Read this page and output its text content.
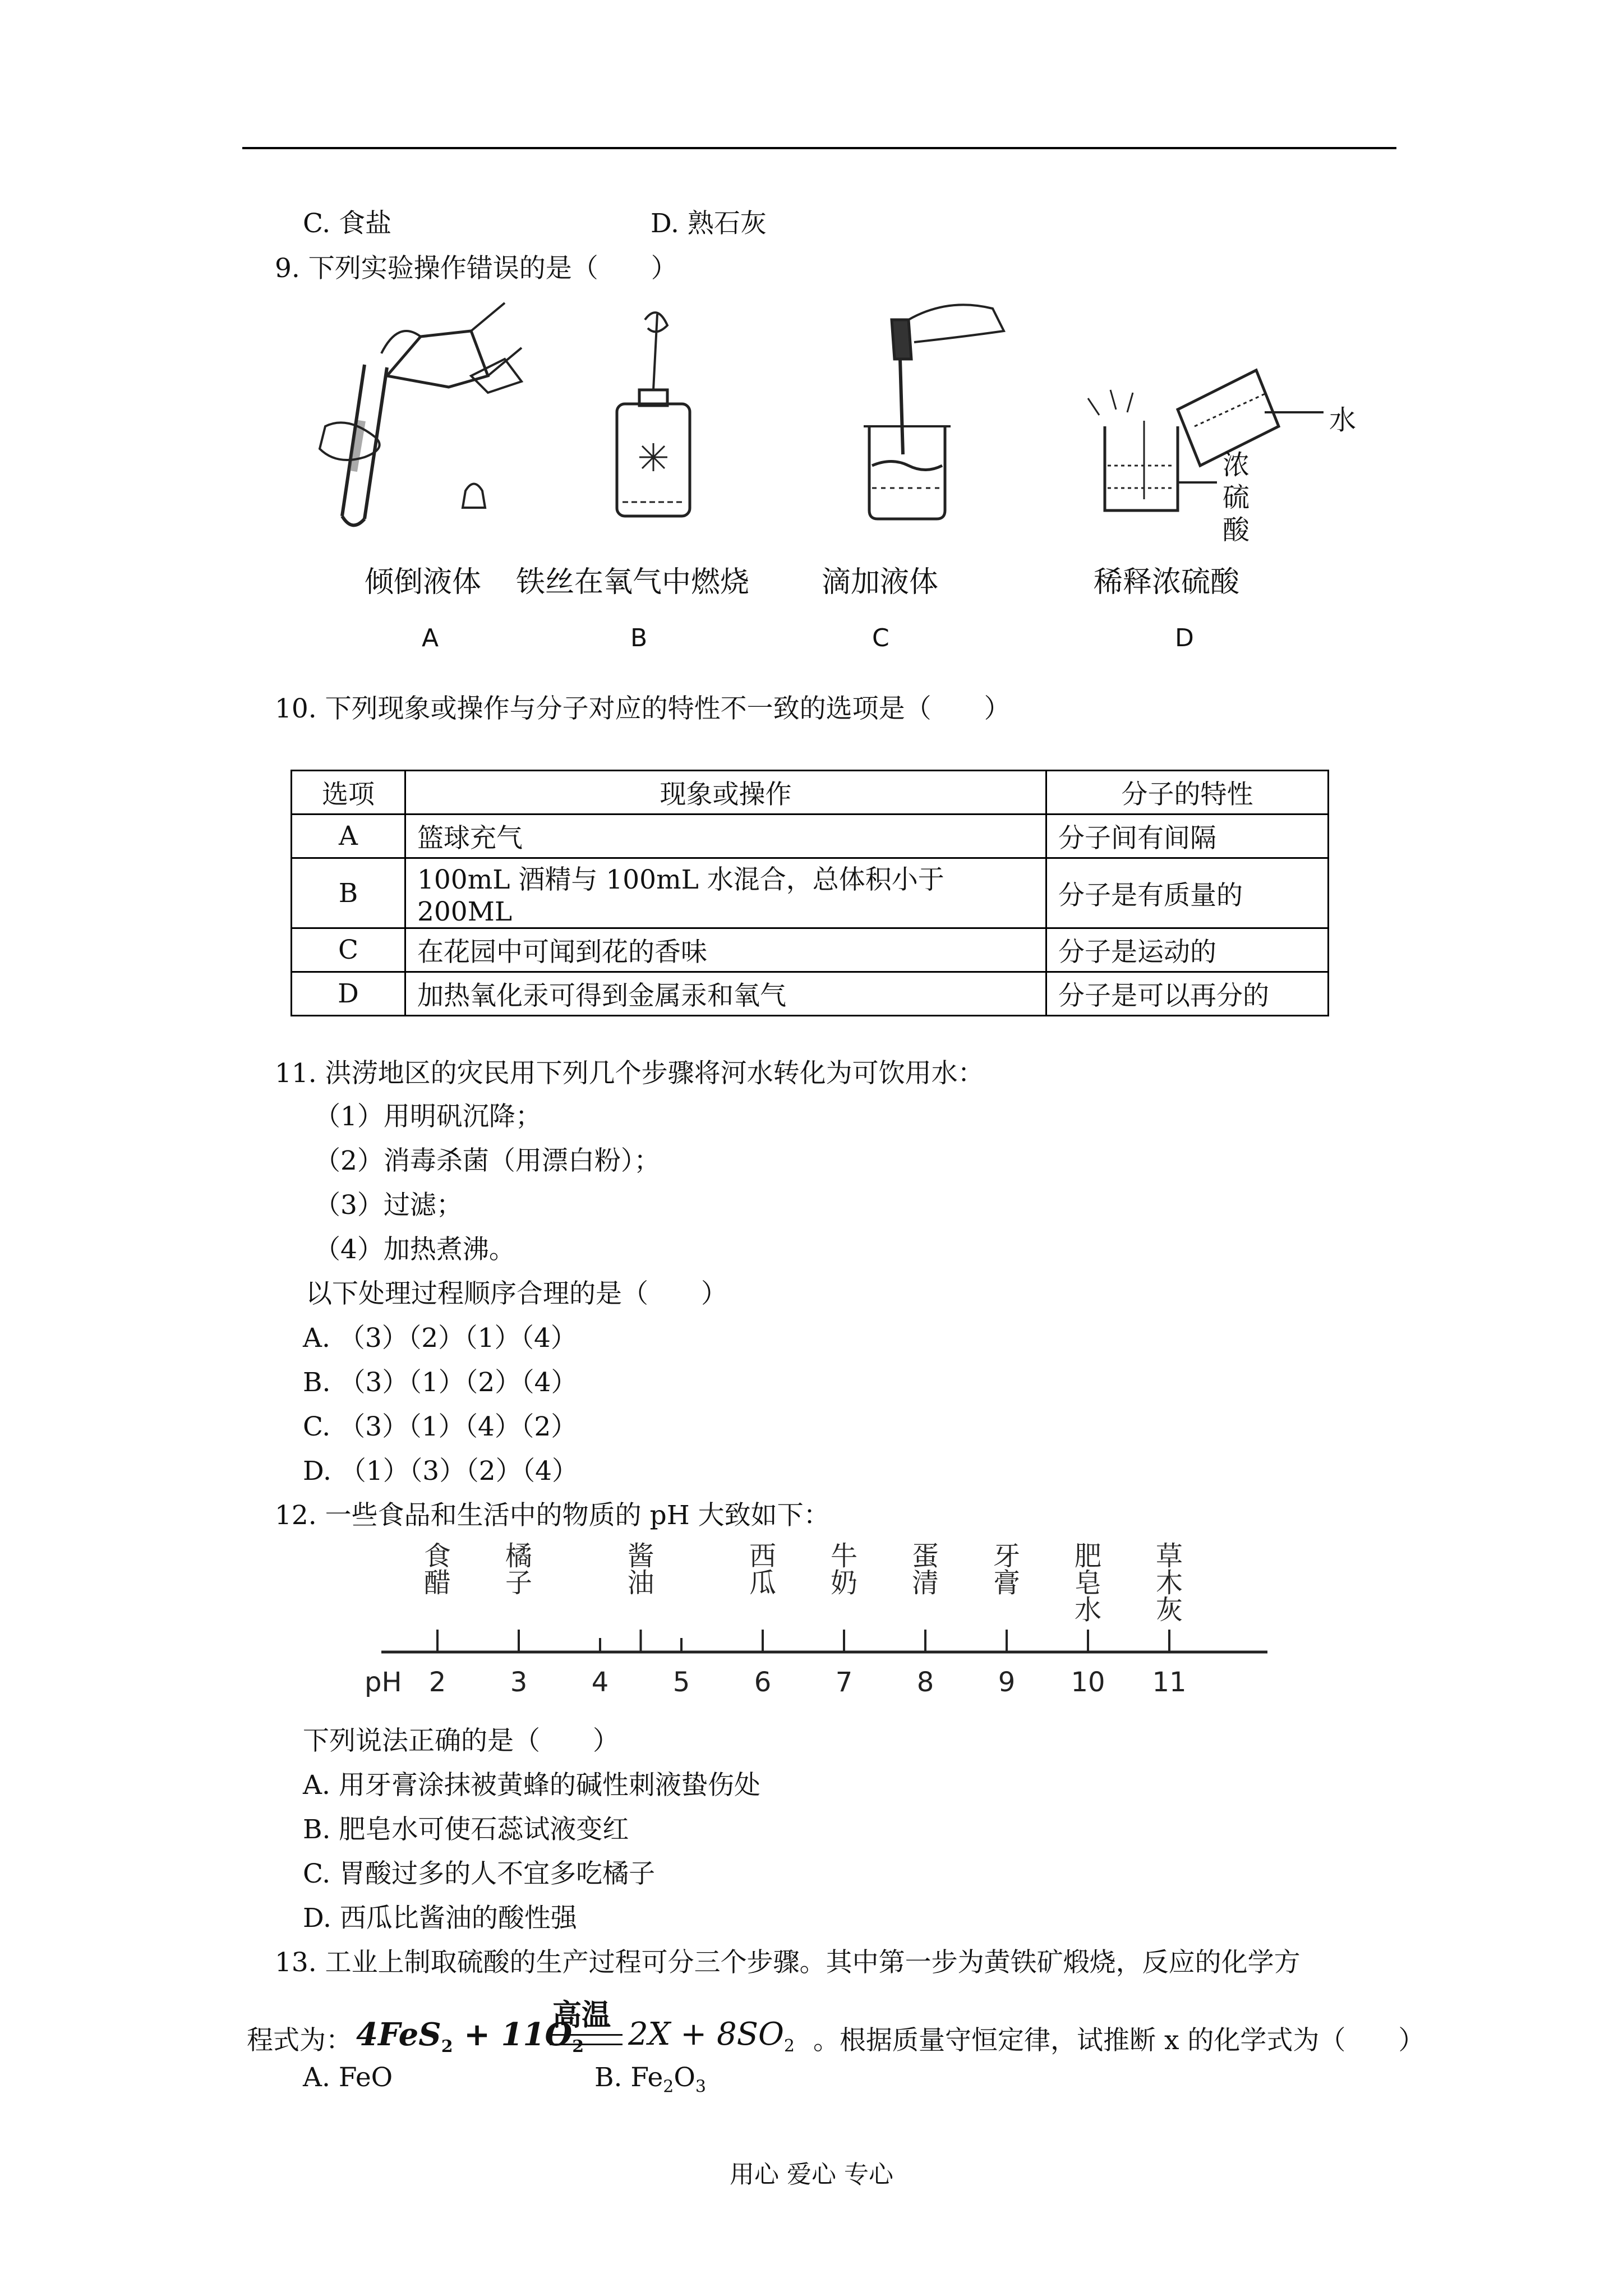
C. 食盐	D. 熟石灰
9. 下列实验操作错误的是（　　）
水
浓
硫
酸
倾倒液体 铁丝在氧气中燃烧 滴加液体	稀释浓硫酸
A	B	C	D
10. 下列现象或操作与分子对应的特性不一致的选项是（　　）
选项	现象或操作	分子的特性
A	篮球充气	分子间有间隔
B	100mL 酒精与 100mL 水混合，总体积小于 200ML	分子是有质量的
C	在花园中可闻到花的香味	分子是运动的
D	加热氧化汞可得到金属汞和氧气	分子是可以再分的
11. 洪涝地区的灾民用下列几个步骤将河水转化为可饮用水：
（1）用明矾沉降；
（2）消毒杀菌（用漂白粉）；
（3）过滤；
（4）加热煮沸。
以下处理过程顺序合理的是（　　）
A. （3）（2）（1）（4）
B. （3）（1）（2）（4）
C. （3）（1）（4）（2）
D. （1）（3）（2）（4）
12. 一些食品和生活中的物质的 pH 大致如下：
pH 2 3 4 5 6 7 8 9 10 11
食
醋
橘
子
酱
油
西
瓜
牛
奶
蛋
清
牙
膏
肥
皂
水
草
木
灰
下列说法正确的是（　　）
A. 用牙膏涂抹被黄蜂的碱性刺液蛰伤处
B. 肥皂水可使石蕊试液变红
C. 胃酸过多的人不宜多吃橘子
D. 西瓜比酱油的酸性强
13. 工业上制取硫酸的生产过程可分三个步骤。其中第一步为黄铁矿煅烧，反应的化学方
程式为： $4FeS_2 + 11O_2$
高温
$2X + 8SO_2$ 。根据质量守恒定律，试推断 x 的化学式为（　　）
A. FeO	B. $Fe_2O_3$
用心 爱心 专心
